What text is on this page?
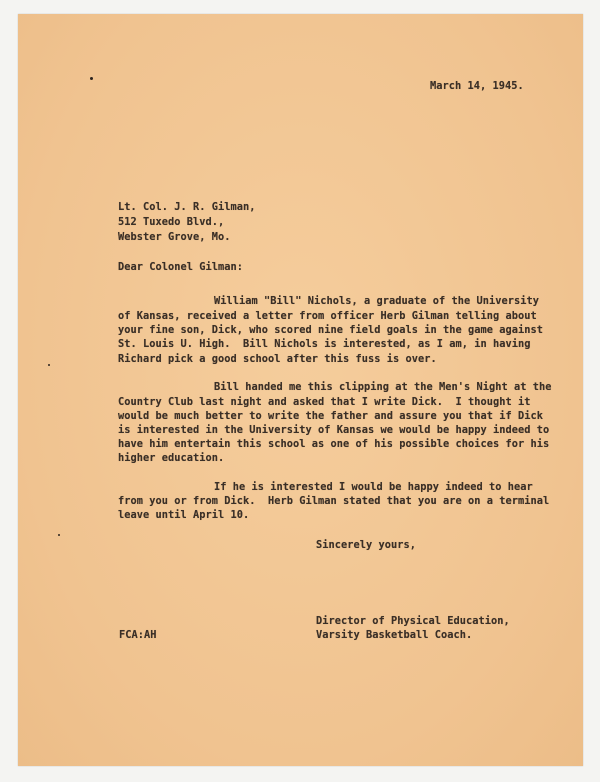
March 14, 1945.

Lt. Col. J. R. Gilman,

512 Tuxedo Blvd.,

Webster Grove, Mo.

Dear Colonel Gilman:

William "Bill" Nichols, a graduate of the University

of Kansas, received a letter from officer Herb Gilman telling about

your fine son, Dick, who scored nine field goals in the game against

St. Louis U. High.  Bill Nichols is interested, as I am, in having

Richard pick a good school after this fuss is over.

Bill handed me this clipping at the Men's Night at the

Country Club last night and asked that I write Dick.  I thought it

would be much better to write the father and assure you that if Dick

is interested in the University of Kansas we would be happy indeed to

have him entertain this school as one of his possible choices for his

higher education.

If he is interested I would be happy indeed to hear

from you or from Dick.  Herb Gilman stated that you are on a terminal

leave until April 10.

Sincerely yours,

FCA:AH

Director of Physical Education,

Varsity Basketball Coach.
